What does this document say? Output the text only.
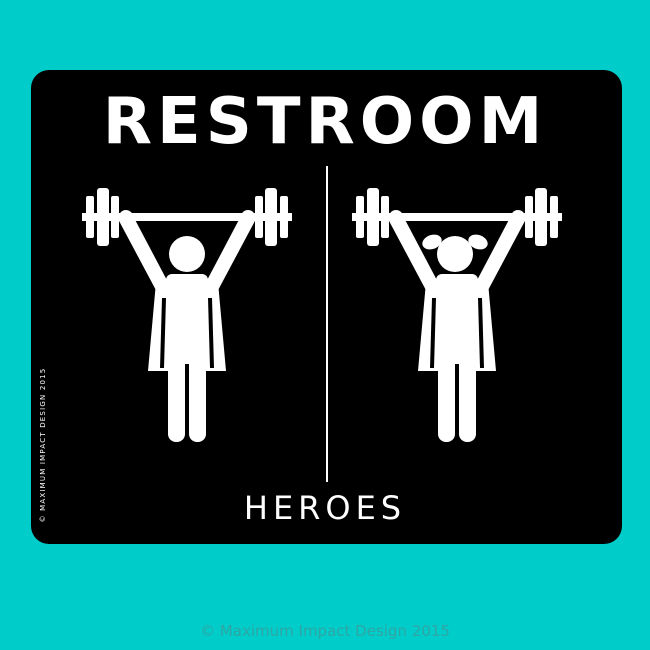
RESTROOM
HEROES
© MAXIMUM IMPACT DESIGN 2015
© Maximum Impact Design 2015
